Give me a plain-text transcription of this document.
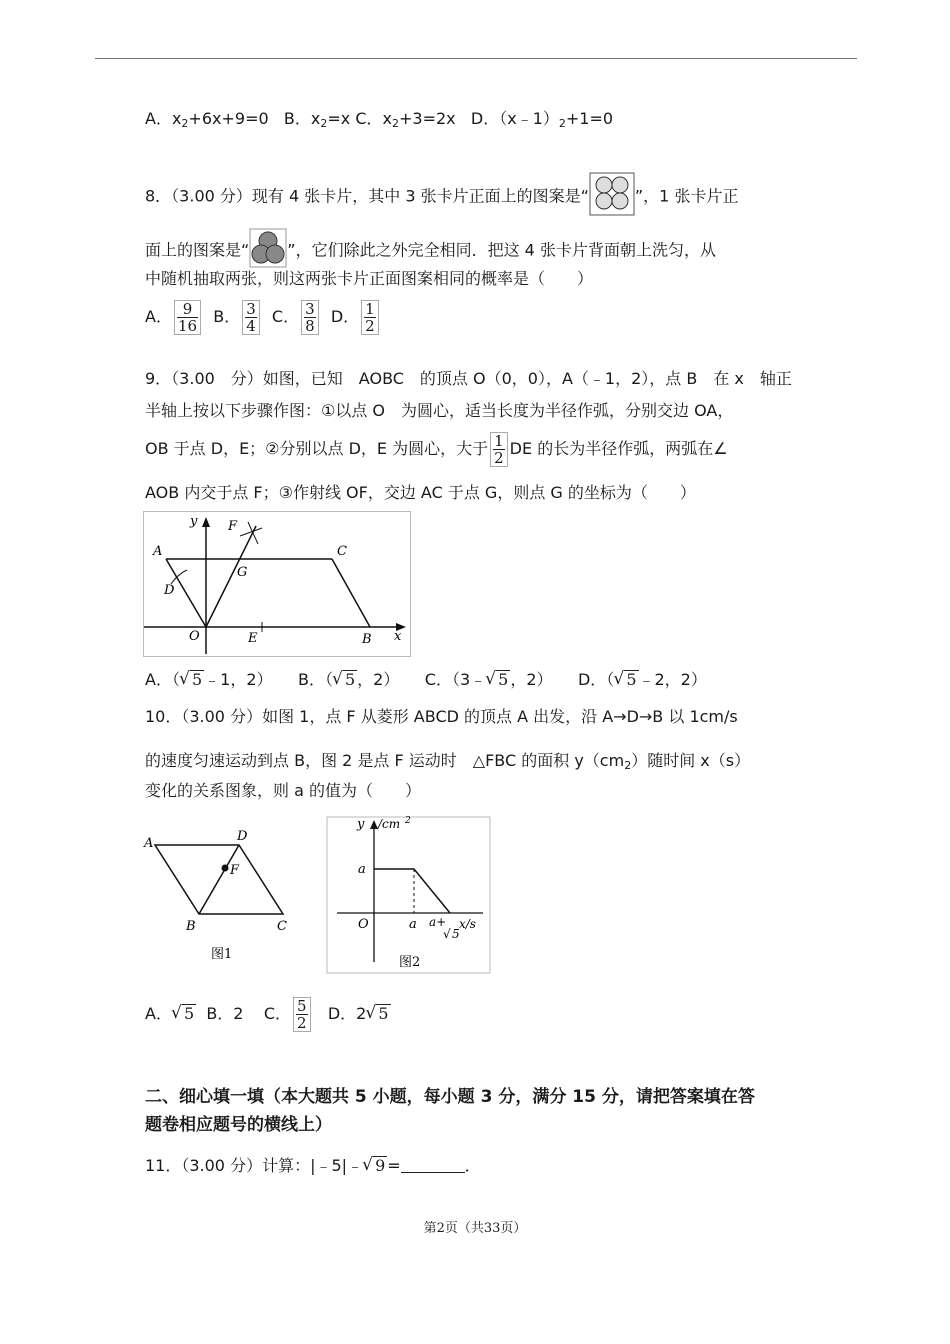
A．$x_2+6x+9=0$ B．$x_2=x$ C．$x_2+3=2x$ D．$(x﹣1)_2+1=0$
8．（3.00 分）现有 4 张卡片，其中 3 张卡片正面上的图案是“	”，1 张卡片正
面上的图案是“ ”，它们除此之外完全相同．把这 4 张卡片背面朝上洗匀，从
中随机抽取两张，则这两张卡片正面图案相同的概率是（　　）
A． $\frac{9}{16}$ B． $\frac{3}{4}$ C． $\frac{3}{8}$ D． $\frac{1}{2}$

9．（3.00　分）如图，已知　AOBC　的顶点 O（0，0），A（﹣1，2），点 B　在 x　轴正
半轴上按以下步骤作图：①以点 O　为圆心，适当长度为半径作弧，分别交边 OA，
OB 于点 D，E；②分别以点 D，E 为圆心，大于 $\frac{1}{2}$ DE 的长为半径作弧，两弧在∠
AOB 内交于点 F；③作射线 OF，交边 AC 于点 G，则点 G 的坐标为（　　）
y
x
A	C
D
F
G
O	E	B
A．（ √ 5 ﹣1，2） B．（ √ 5 ，2） C．（3﹣ √ 5 ，2） D．（ √ 5 ﹣2，2）
10．（3.00 分）如图 1，点 F 从菱形 ABCD 的顶点 A 出发，沿 A→D→B 以 1cm/s
的速度匀速运动到点 B，图 2 是点 F 运动时　△FBC 的面积 $y(cm_2)$随时间 x（s）
变化的关系图象，则 a 的值为（　　）
A	D
F
B	C
图1
y /cm 2
a
O	a a+
√ 5
x/s
图2
A． √ 5 B．2 C． $\frac{5}{2}$ D．2 √ 5
二、细心填一填（本大题共 5 小题，每小题 3 分，满分 15 分，请把答案填在答
题卷相应题号的横线上）
11．（3.00 分）计算：|﹣5|﹣ √ 9 =	．
第2页（共33页）
